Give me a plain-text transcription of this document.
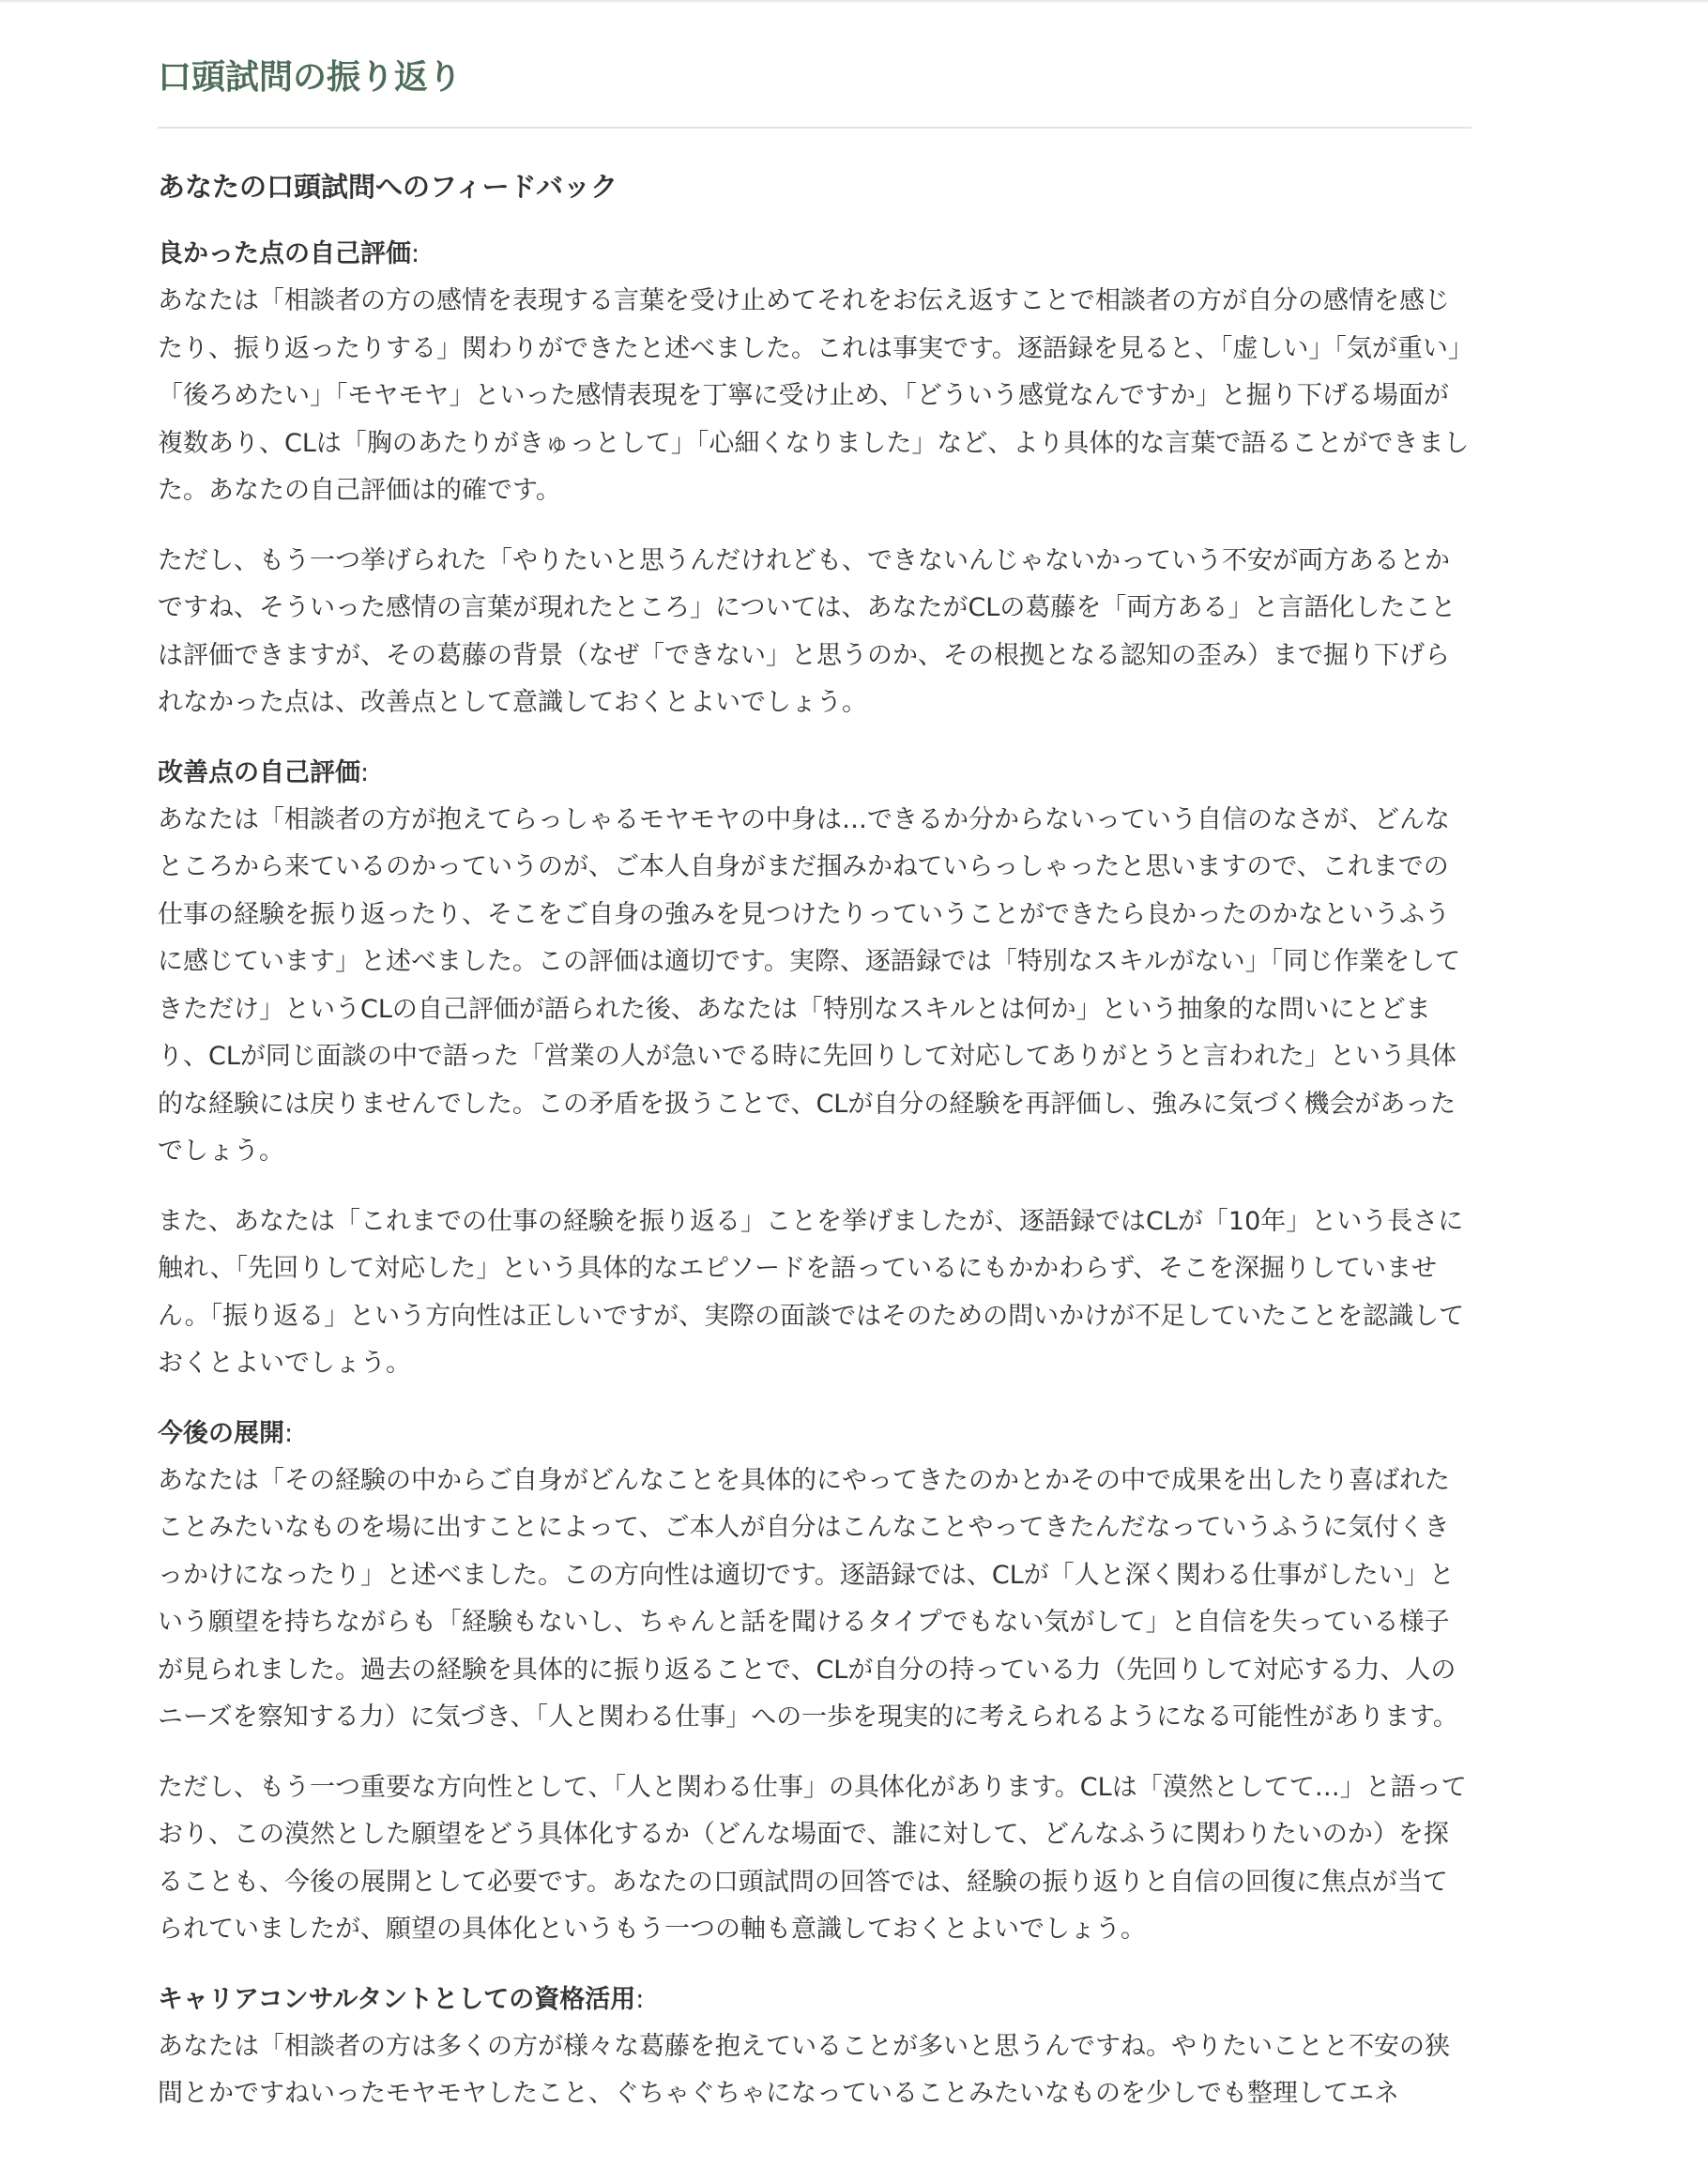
口頭試問の振り返り
あなたの口頭試問へのフィードバック

良かった点の自己評価:

あなたは「相談者の方の感情を表現する言葉を受け止めてそれをお伝え返すことで相談者の方が自分の感情を感じたり、振り返ったりする」関わりができたと述べました。これは事実です。逐語録を見ると、「虚しい」「気が重い」「後ろめたい」「モヤモヤ」といった感情表現を丁寧に受け止め、「どういう感覚なんですか」と掘り下げる場面が複数あり、CLは「胸のあたりがきゅっとして」「心細くなりました」など、より具体的な言葉で語ることができました。あなたの自己評価は的確です。

ただし、もう一つ挙げられた「やりたいと思うんだけれども、できないんじゃないかっていう不安が両方あるとかですね、そういった感情の言葉が現れたところ」については、あなたがCLの葛藤を「両方ある」と言語化したことは評価できますが、その葛藤の背景（なぜ「できない」と思うのか、その根拠となる認知の歪み）まで掘り下げられなかった点は、改善点として意識しておくとよいでしょう。

改善点の自己評価:

あなたは「相談者の方が抱えてらっしゃるモヤモヤの中身は…できるか分からないっていう自信のなさが、どんなところから来ているのかっていうのが、ご本人自身がまだ掴みかねていらっしゃったと思いますので、これまでの仕事の経験を振り返ったり、そこをご自身の強みを見つけたりっていうことができたら良かったのかなというふうに感じています」と述べました。この評価は適切です。実際、逐語録では「特別なスキルがない」「同じ作業をしてきただけ」というCLの自己評価が語られた後、あなたは「特別なスキルとは何か」という抽象的な問いにとどまり、CLが同じ面談の中で語った「営業の人が急いでる時に先回りして対応してありがとうと言われた」という具体的な経験には戻りませんでした。この矛盾を扱うことで、CLが自分の経験を再評価し、強みに気づく機会があったでしょう。

また、あなたは「これまでの仕事の経験を振り返る」ことを挙げましたが、逐語録ではCLが「10年」という長さに触れ、「先回りして対応した」という具体的なエピソードを語っているにもかかわらず、そこを深掘りしていません。「振り返る」という方向性は正しいですが、実際の面談ではそのための問いかけが不足していたことを認識しておくとよいでしょう。

今後の展開:

あなたは「その経験の中からご自身がどんなことを具体的にやってきたのかとかその中で成果を出したり喜ばれたことみたいなものを場に出すことによって、ご本人が自分はこんなことやってきたんだなっていうふうに気付くきっかけになったり」と述べました。この方向性は適切です。逐語録では、CLが「人と深く関わる仕事がしたい」という願望を持ちながらも「経験もないし、ちゃんと話を聞けるタイプでもない気がして」と自信を失っている様子が見られました。過去の経験を具体的に振り返ることで、CLが自分の持っている力（先回りして対応する力、人のニーズを察知する力）に気づき、「人と関わる仕事」への一歩を現実的に考えられるようになる可能性があります。

ただし、もう一つ重要な方向性として、「人と関わる仕事」の具体化があります。CLは「漠然としてて…」と語っており、この漠然とした願望をどう具体化するか（どんな場面で、誰に対して、どんなふうに関わりたいのか）を探ることも、今後の展開として必要です。あなたの口頭試問の回答では、経験の振り返りと自信の回復に焦点が当てられていましたが、願望の具体化というもう一つの軸も意識しておくとよいでしょう。

キャリアコンサルタントとしての資格活用:

あなたは「相談者の方は多くの方が様々な葛藤を抱えていることが多いと思うんですね。やりたいことと不安の狭間とかですねいったモヤモヤしたこと、ぐちゃぐちゃになっていることみたいなものを少しでも整理してエネ
